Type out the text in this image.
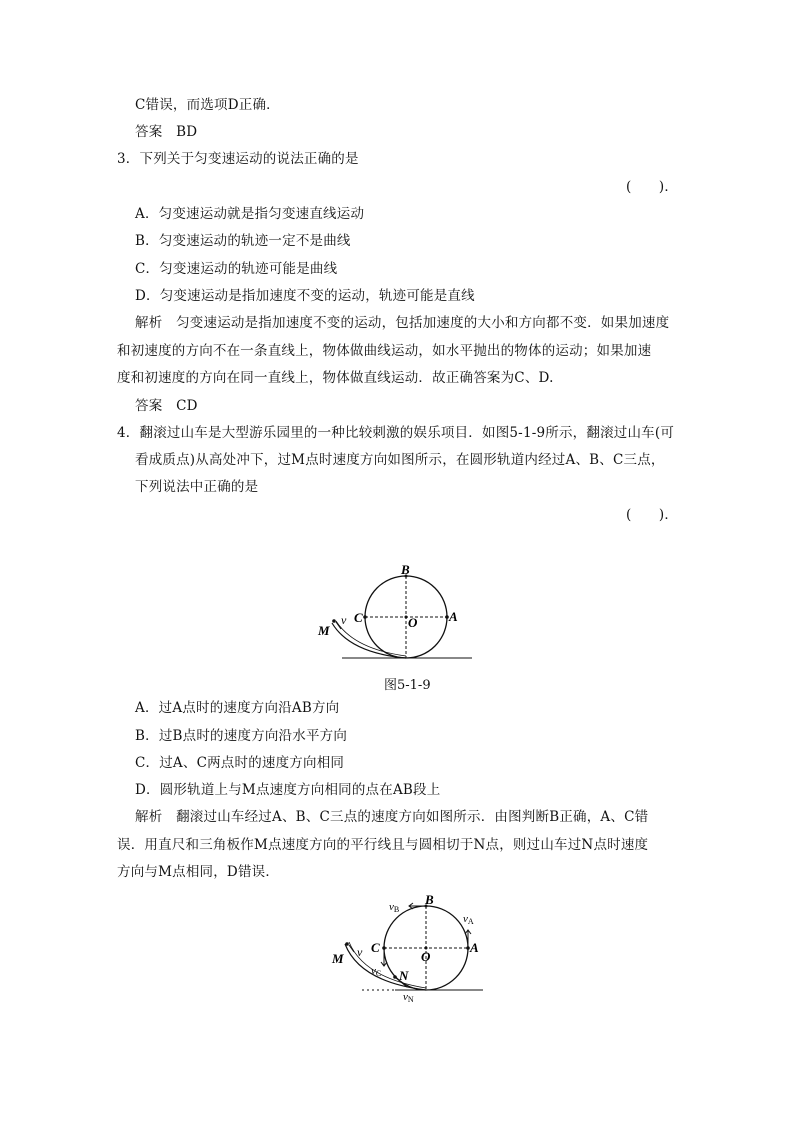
C错误，而选项D正确．
答案　BD
3．下列关于匀变速运动的说法正确的是
(　　)．
A．匀变速运动就是指匀变速直线运动
B．匀变速运动的轨迹一定不是曲线
C．匀变速运动的轨迹可能是曲线
D．匀变速运动是指加速度不变的运动，轨迹可能是直线
解析　匀变速运动是指加速度不变的运动，包括加速度的大小和方向都不变．如果加速度
和初速度的方向不在一条直线上，物体做曲线运动，如水平抛出的物体的运动；如果加速
度和初速度的方向在同一直线上，物体做直线运动．故正确答案为C、D.
答案　CD
4．翻滚过山车是大型游乐园里的一种比较刺激的娱乐项目．如图5-1-9所示，翻滚过山车(可
看成质点)从高处冲下，过M点时速度方向如图所示，在圆形轨道内经过A、B、C三点，
下列说法中正确的是
(　　)．
B
A
C	O
M
v
图5-1-9
A．过A点时的速度方向沿AB方向
B．过B点时的速度方向沿水平方向
C．过A、C两点时的速度方向相同
D．圆形轨道上与M点速度方向相同的点在AB段上
解析　翻滚过山车经过A、B、C三点的速度方向如图所示．由图判断B正确，A、C错
误．用直尺和三角板作M点速度方向的平行线且与圆相切于N点，则过山车过N点时速度
方向与M点相同，D错误．
B
A
C
O
M v
N
vB
vA
vC
vN
